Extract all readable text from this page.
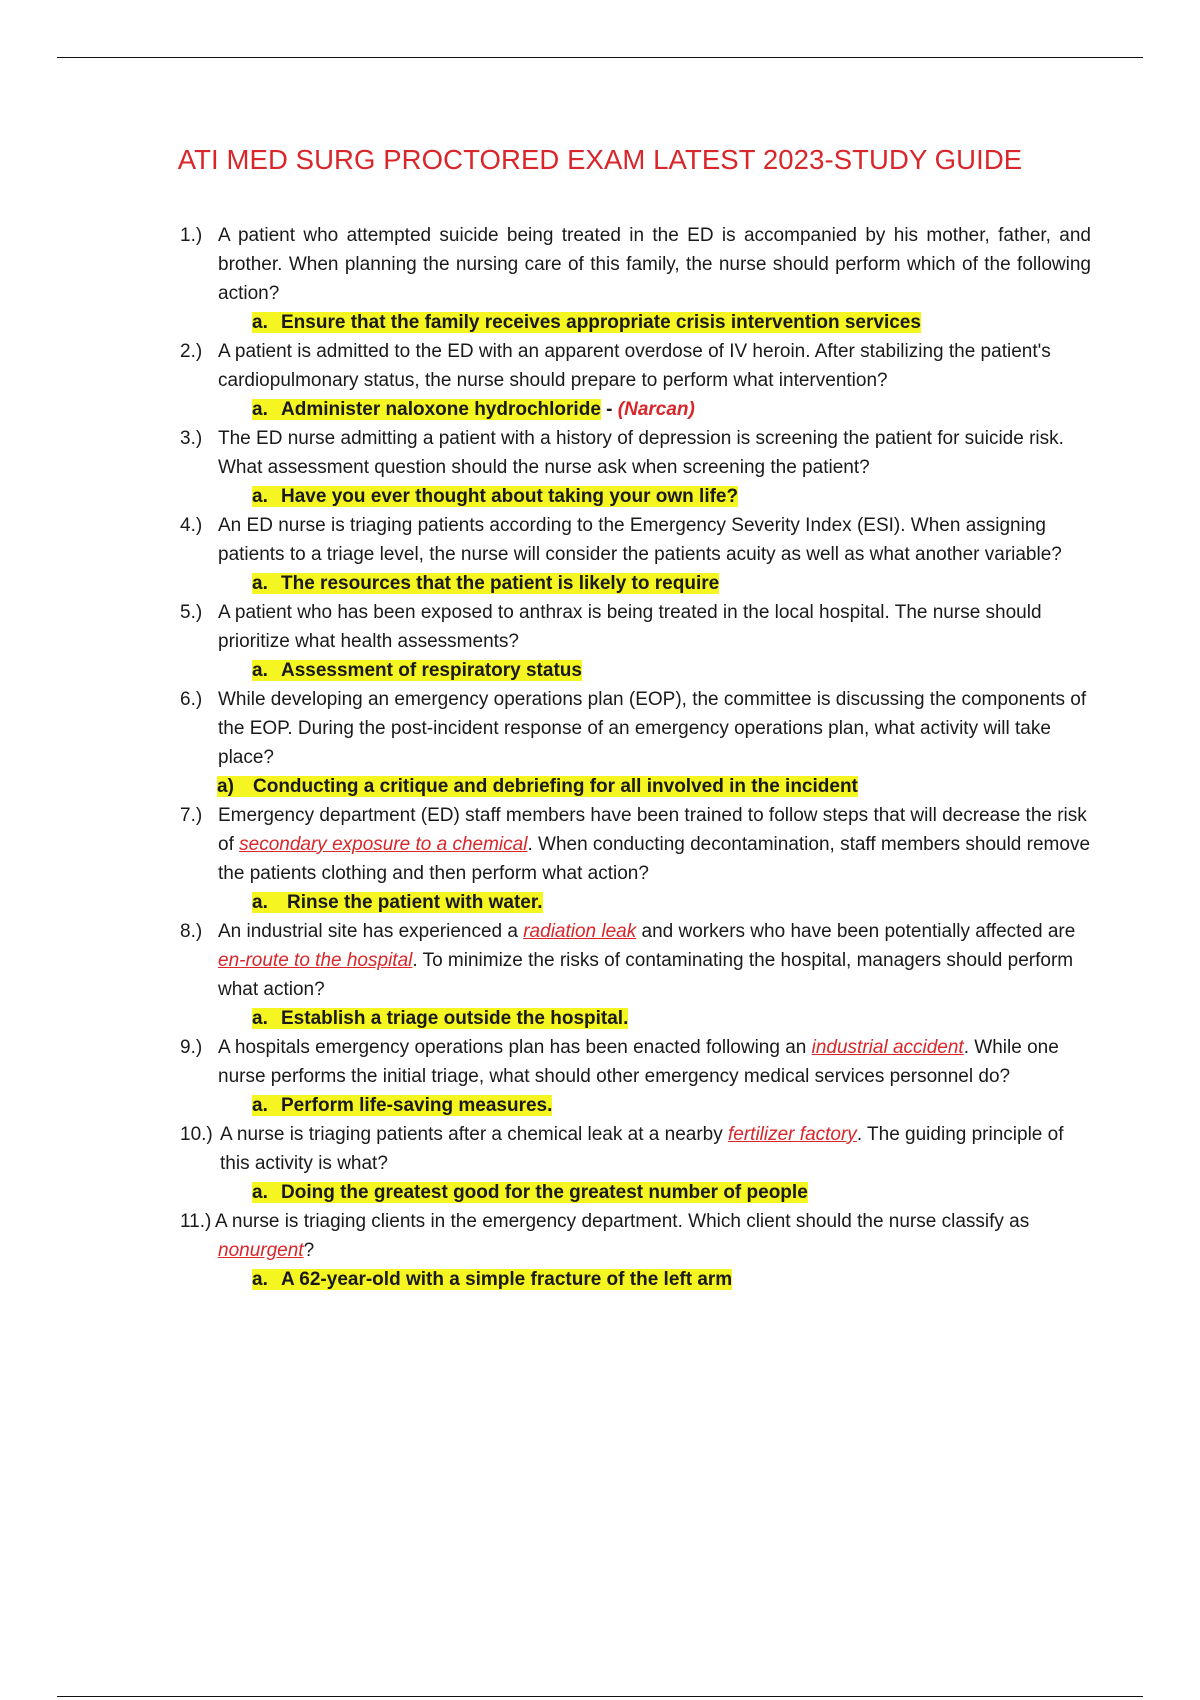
ATI MED SURG PROCTORED EXAM LATEST 2023-STUDY GUIDE
1.) A patient who attempted suicide being treated in the ED is accompanied by his mother, father, and brother. When planning the nursing care of this family, the nurse should perform which of the following action?
a. Ensure that the family receives appropriate crisis intervention services
2.) A patient is admitted to the ED with an apparent overdose of IV heroin. After stabilizing the patient's cardiopulmonary status, the nurse should prepare to perform what intervention?
a. Administer naloxone hydrochloride - (Narcan)
3.) The ED nurse admitting a patient with a history of depression is screening the patient for suicide risk. What assessment question should the nurse ask when screening the patient?
a. Have you ever thought about taking your own life?
4.) An ED nurse is triaging patients according to the Emergency Severity Index (ESI). When assigning patients to a triage level, the nurse will consider the patients acuity as well as what another variable?
a. The resources that the patient is likely to require
5.) A patient who has been exposed to anthrax is being treated in the local hospital. The nurse should prioritize what health assessments?
a. Assessment of respiratory status
6.) While developing an emergency operations plan (EOP), the committee is discussing the components of the EOP. During the post-incident response of an emergency operations plan, what activity will take place?
a) Conducting a critique and debriefing for all involved in the incident
7.) Emergency department (ED) staff members have been trained to follow steps that will decrease the risk of secondary exposure to a chemical. When conducting decontamination, staff members should remove the patients clothing and then perform what action?
a. Rinse the patient with water.
8.) An industrial site has experienced a radiation leak and workers who have been potentially affected are en-route to the hospital. To minimize the risks of contaminating the hospital, managers should perform what action?
a. Establish a triage outside the hospital.
9.) A hospitals emergency operations plan has been enacted following an industrial accident. While one nurse performs the initial triage, what should other emergency medical services personnel do?
a. Perform life-saving measures.
10.) A nurse is triaging patients after a chemical leak at a nearby fertilizer factory. The guiding principle of this activity is what?
a. Doing the greatest good for the greatest number of people
11.) A nurse is triaging clients in the emergency department. Which client should the nurse classify as nonurgent?
a. A 62-year-old with a simple fracture of the left arm
